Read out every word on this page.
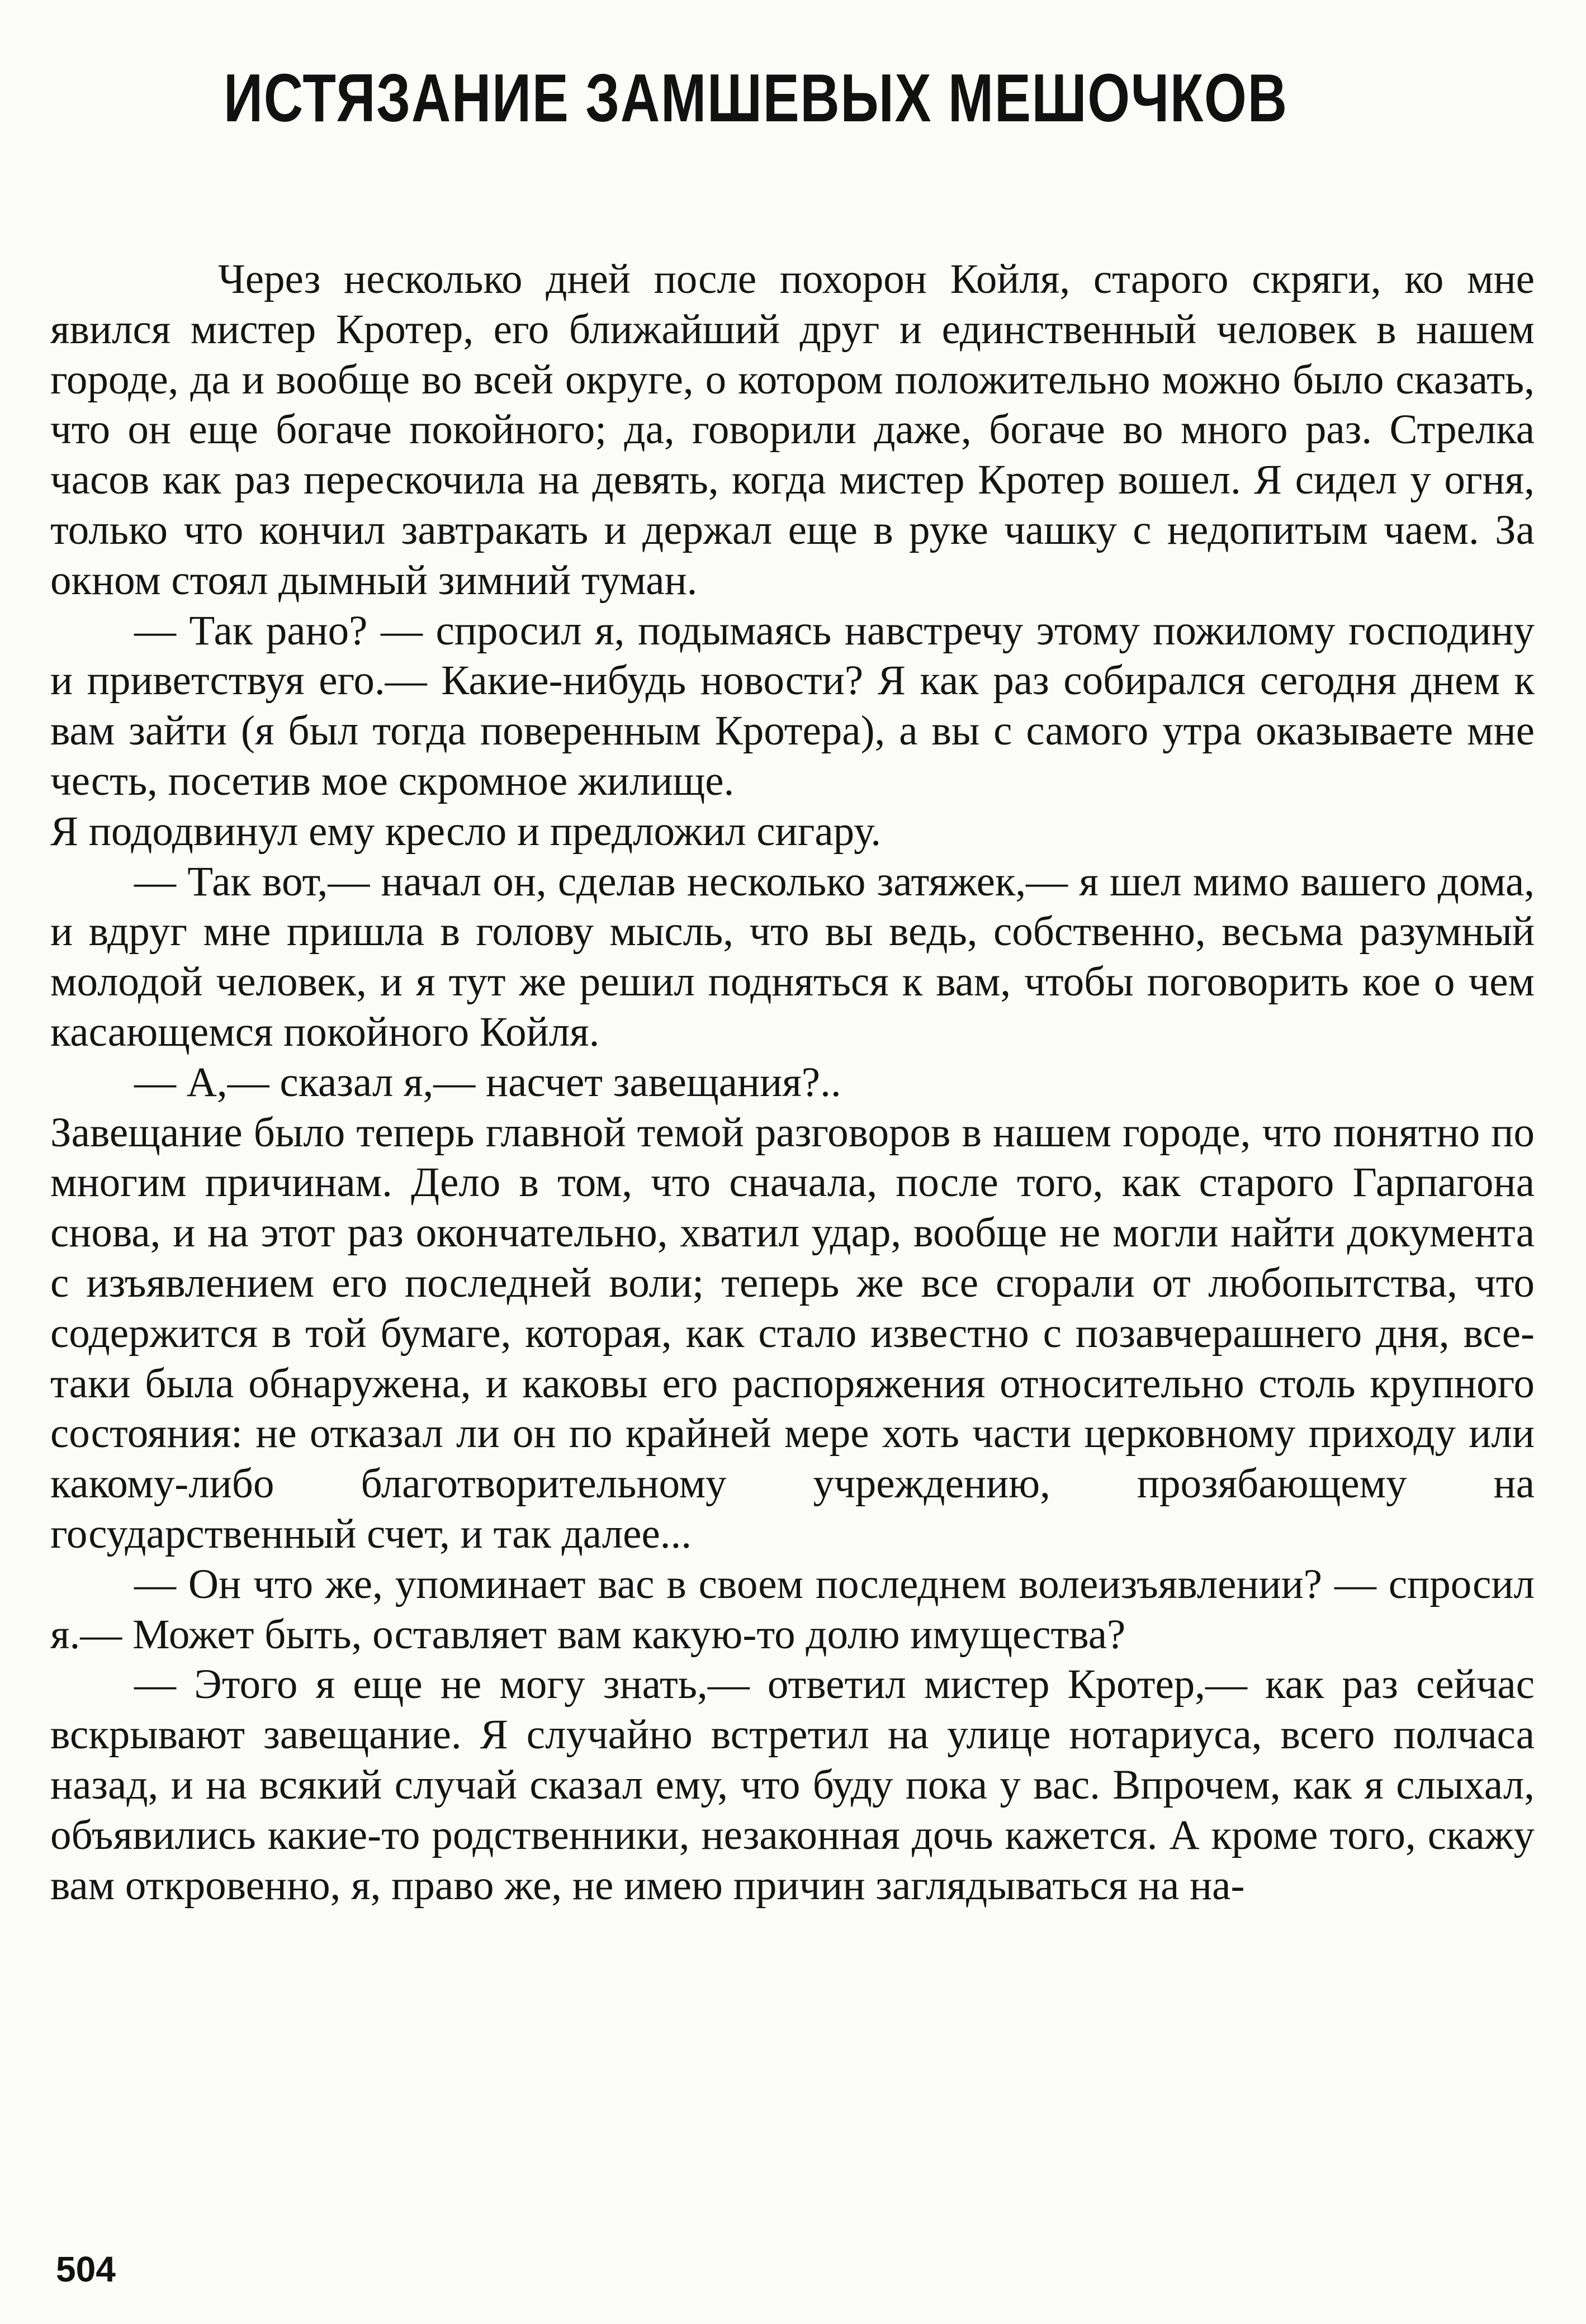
ИСТЯЗАНИЕ ЗАМШЕВЫХ МЕШОЧКОВ

Через несколько дней после похорон Койля, старого скряги, ко мне явился мистер Кротер, его ближайший друг и единственный человек в нашем городе, да и вообще во всей округе, о котором положительно можно было сказать, что он еще богаче покойного; да, говорили даже, богаче во много раз. Стрелка часов как раз перескочила на девять, когда мистер Кротер вошел. Я сидел у огня, только что кончил завтракать и держал еще в руке чашку с недопитым чаем. За окном стоял дымный зимний туман.

— Так рано? — спросил я, подымаясь навстречу этому пожилому господину и приветствуя его.— Какие-нибудь новости? Я как раз собирался сегодня днем к вам зайти (я был тогда поверенным Кротера), а вы с самого утра оказываете мне честь, посетив мое скромное жилище.

Я пододвинул ему кресло и предложил сигару.

— Так вот,— начал он, сделав несколько затяжек,— я шел мимо вашего дома, и вдруг мне пришла в голову мысль, что вы ведь, собственно, весьма разумный молодой человек, и я тут же решил подняться к вам, чтобы поговорить кое о чем касающемся покойного Койля.

— А,— сказал я,— насчет завещания?..

Завещание было теперь главной темой разговоров в нашем городе, что понятно по многим причинам. Дело в том, что сначала, после того, как старого Гарпагона снова, и на этот раз окончательно, хватил удар, вообще не могли найти документа с изъявлением его последней воли; теперь же все сгорали от любопытства, что содержится в той бумаге, которая, как стало известно с позавчерашнего дня, все-таки была обнаружена, и каковы его распоряжения относительно столь крупного состояния: не отказал ли он по крайней мере хоть части церковному приходу или какому-либо благотворительному учреждению, прозябающему на государственный счет, и так далее...

— Он что же, упоминает вас в своем последнем волеизъявлении? — спросил я.— Может быть, оставляет вам какую-то долю имущества?

— Этого я еще не могу знать,— ответил мистер Кротер,— как раз сейчас вскрывают завещание. Я случайно встретил на улице нотариуса, всего полчаса назад, и на всякий случай сказал ему, что буду пока у вас. Впрочем, как я слыхал, объявились какие-то родственники, незаконная дочь кажется. А кроме того, скажу вам откровенно, я, право же, не имею причин заглядываться на на-

504
